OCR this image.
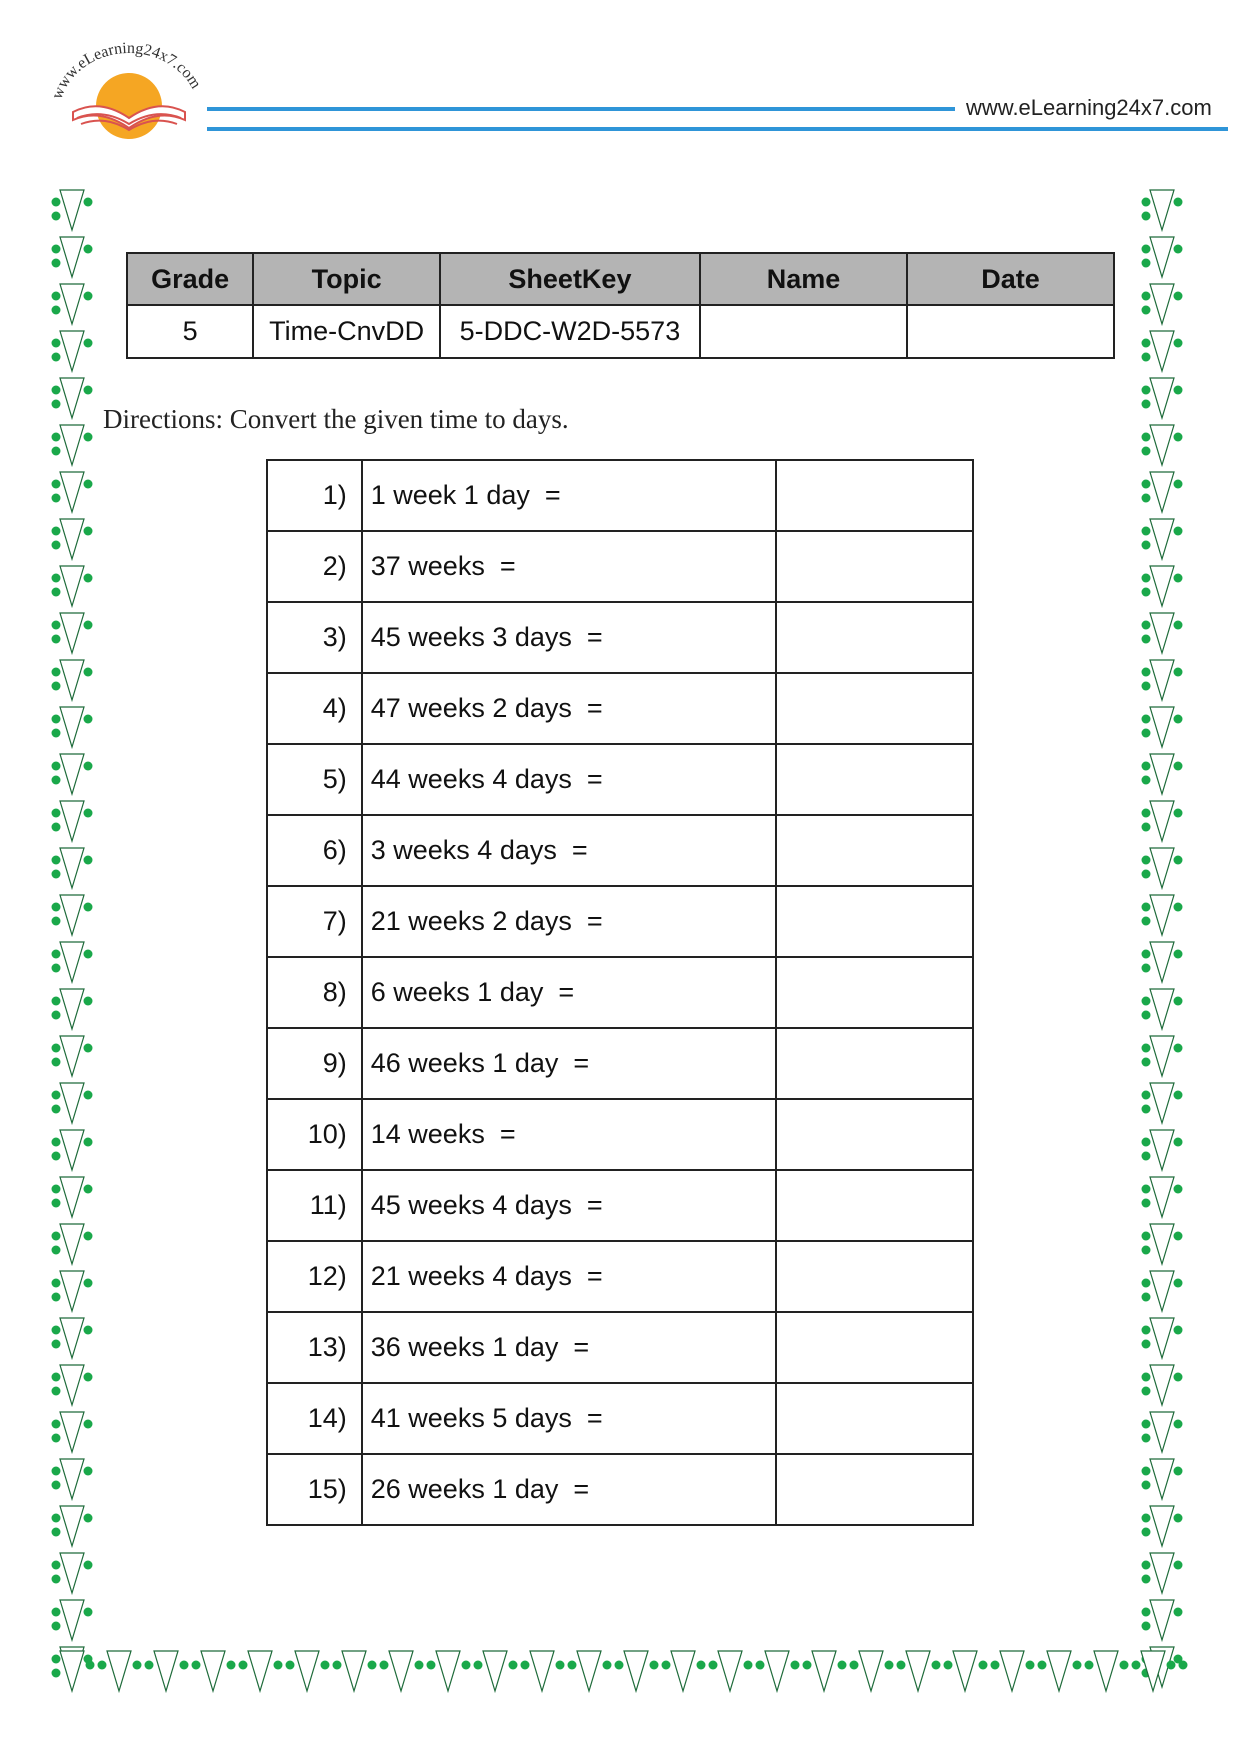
www.eLearning24x7.com
www.eLearning24x7.com
Grade	Topic	SheetKey	Name	Date
5	Time-CnvDD	5-DDC-W2D-5573		
Directions: Convert the given time to days.
1)	1 week 1 day  =	
2)	37 weeks  =	
3)	45 weeks 3 days  =	
4)	47 weeks 2 days  =	
5)	44 weeks 4 days  =	
6)	3 weeks 4 days  =	
7)	21 weeks 2 days  =	
8)	6 weeks 1 day  =	
9)	46 weeks 1 day  =	
10)	14 weeks  =	
11)	45 weeks 4 days  =	
12)	21 weeks 4 days  =	
13)	36 weeks 1 day  =	
14)	41 weeks 5 days  =	
15)	26 weeks 1 day  =	
